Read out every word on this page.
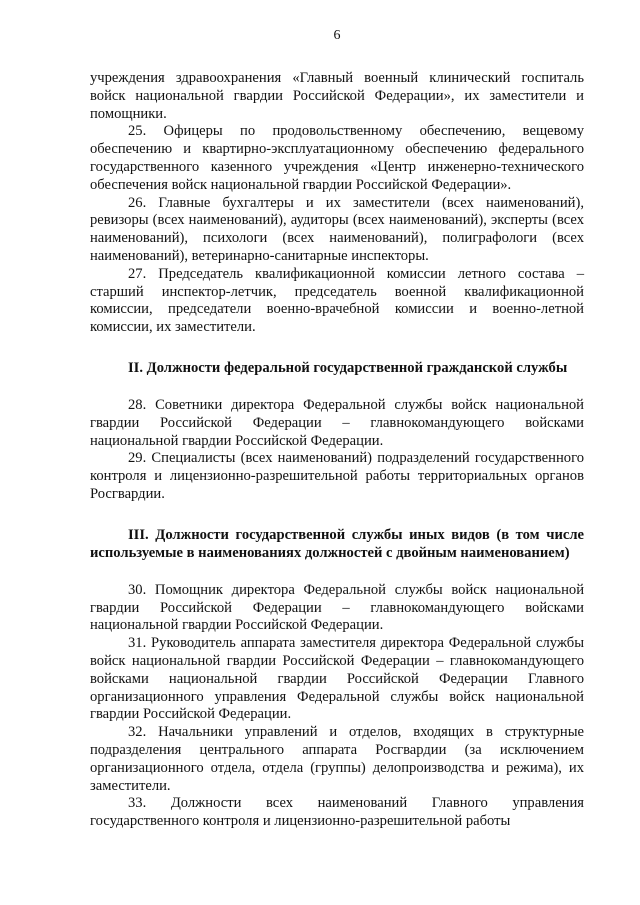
6

учреждения здравоохранения «Главный военный клинический госпиталь войск национальной гвардии Российской Федерации», их заместители и помощники.

25. Офицеры по продовольственному обеспечению, вещевому обеспечению и квартирно-эксплуатационному обеспечению федерального государственного казенного учреждения «Центр инженерно-технического обеспечения войск национальной гвардии Российской Федерации».

26. Главные бухгалтеры и их заместители (всех наименований), ревизоры (всех наименований), аудиторы (всех наименований), эксперты (всех наименований), психологи (всех наименований), полиграфологи (всех наименований), ветеринарно-санитарные инспекторы.

27. Председатель квалификационной комиссии летного состава – старший инспектор-летчик, председатель военной квалификационной комиссии, председатели военно-врачебной комиссии и военно-летной комиссии, их заместители.

II. Должности федеральной государственной гражданской службы

28. Советники директора Федеральной службы войск национальной гвардии Российской Федерации – главнокомандующего войсками национальной гвардии Российской Федерации.

29. Специалисты (всех наименований) подразделений государственного контроля и лицензионно-разрешительной работы территориальных органов Росгвардии.

III. Должности государственной службы иных видов (в том числе используемые в наименованиях должностей с двойным наименованием)

30. Помощник директора Федеральной службы войск национальной гвардии Российской Федерации – главнокомандующего войсками национальной гвардии Российской Федерации.

31. Руководитель аппарата заместителя директора Федеральной службы войск национальной гвардии Российской Федерации – главнокомандующего войсками национальной гвардии Российской Федерации Главного организационного управления Федеральной службы войск национальной гвардии Российской Федерации.

32. Начальники управлений и отделов, входящих в структурные подразделения центрального аппарата Росгвардии (за исключением организационного отдела, отдела (группы) делопроизводства и режима), их заместители.

33. Должности всех наименований Главного управления государственного контроля и лицензионно-разрешительной работы
